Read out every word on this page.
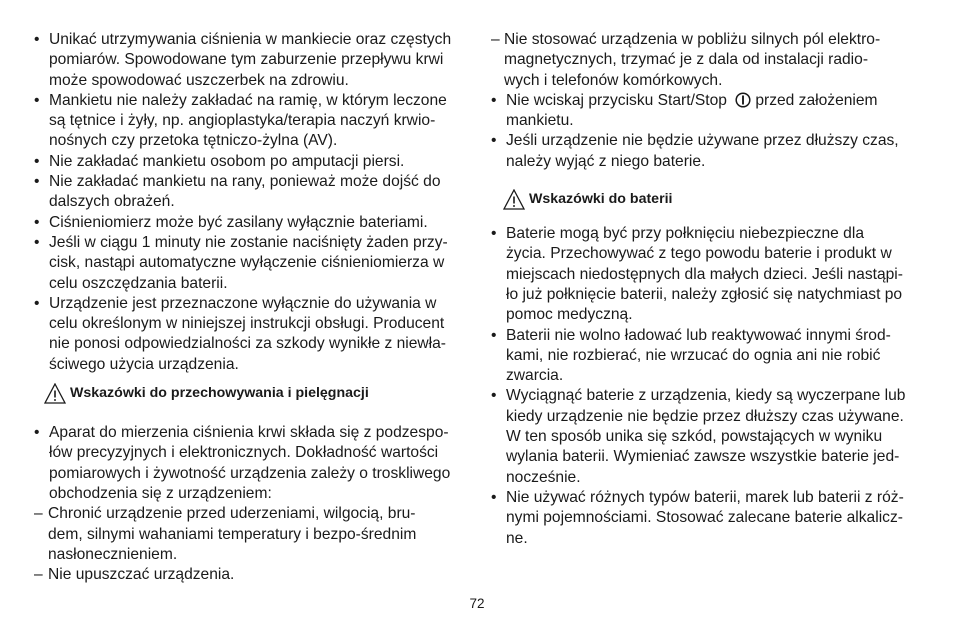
• Unikać utrzymywania ciśnienia w mankiecie oraz częstych
pomiarów. Spowodowane tym zaburzenie przepływu krwi
może spowodować uszczerbek na zdrowiu.
• Mankietu nie należy zakładać na ramię, w którym leczone
są tętnice i żyły, np. angioplastyka/terapia naczyń krwio-
nośnych czy przetoka tętniczo-żylna (AV).
• Nie zakładać mankietu osobom po amputacji piersi.
• Nie zakładać mankietu na rany, ponieważ może dojść do
dalszych obrażeń.
• Ciśnieniomierz może być zasilany wyłącznie bateriami.
• Jeśli w ciągu 1 minuty nie zostanie naciśnięty żaden przy-
cisk, nastąpi automatyczne wyłączenie ciśnieniomierza w
celu oszczędzania baterii.
• Urządzenie jest przeznaczone wyłącznie do używania w
celu określonym w niniejszej instrukcji obsługi. Producent
nie ponosi odpowiedzialności za szkody wynikłe z niewła-
ściwego użycia urządzenia.
Wskazówki do przechowywania i pielęgnacji
• Aparat do mierzenia ciśnienia krwi składa się z podzespo-
łów precyzyjnych i elektronicznych. Dokładność wartości
pomiarowych i żywotność urządzenia zależy o troskliwego
obchodzenia się z urządzeniem:
– Chronić urządzenie przed uderzeniami, wilgocią, bru-
dem, silnymi wahaniami temperatury i bezpo-średnim
nasłonecznieniem.
– Nie upuszczać urządzenia.
– Nie stosować urządzenia w pobliżu silnych pól elektro-
magnetycznych, trzymać je z dala od instalacji radio-
wych i telefonów komórkowych.
• Nie wciskaj przycisku Start/Stop przed założeniem
mankietu.
• Jeśli urządzenie nie będzie używane przez dłuższy czas,
należy wyjąć z niego baterie.
Wskazówki do baterii
• Baterie mogą być przy połknięciu niebezpieczne dla
życia. Przechowywać z tego powodu baterie i produkt w
miejscach niedostępnych dla małych dzieci. Jeśli nastąpi-
ło już połknięcie baterii, należy zgłosić się natychmiast po
pomoc medyczną.
• Baterii nie wolno ładować lub reaktywować innymi środ-
kami, nie rozbierać, nie wrzucać do ognia ani nie robić
zwarcia.
• Wyciągnąć baterie z urządzenia, kiedy są wyczerpane lub
kiedy urządzenie nie będzie przez dłuższy czas używane.
W ten sposób unika się szkód, powstających w wyniku
wylania baterii. Wymieniać zawsze wszystkie baterie jed-
nocześnie.
• Nie używać różnych typów baterii, marek lub baterii z róż-
nymi pojemnościami. Stosować zalecane baterie alkalicz-
ne.
72
